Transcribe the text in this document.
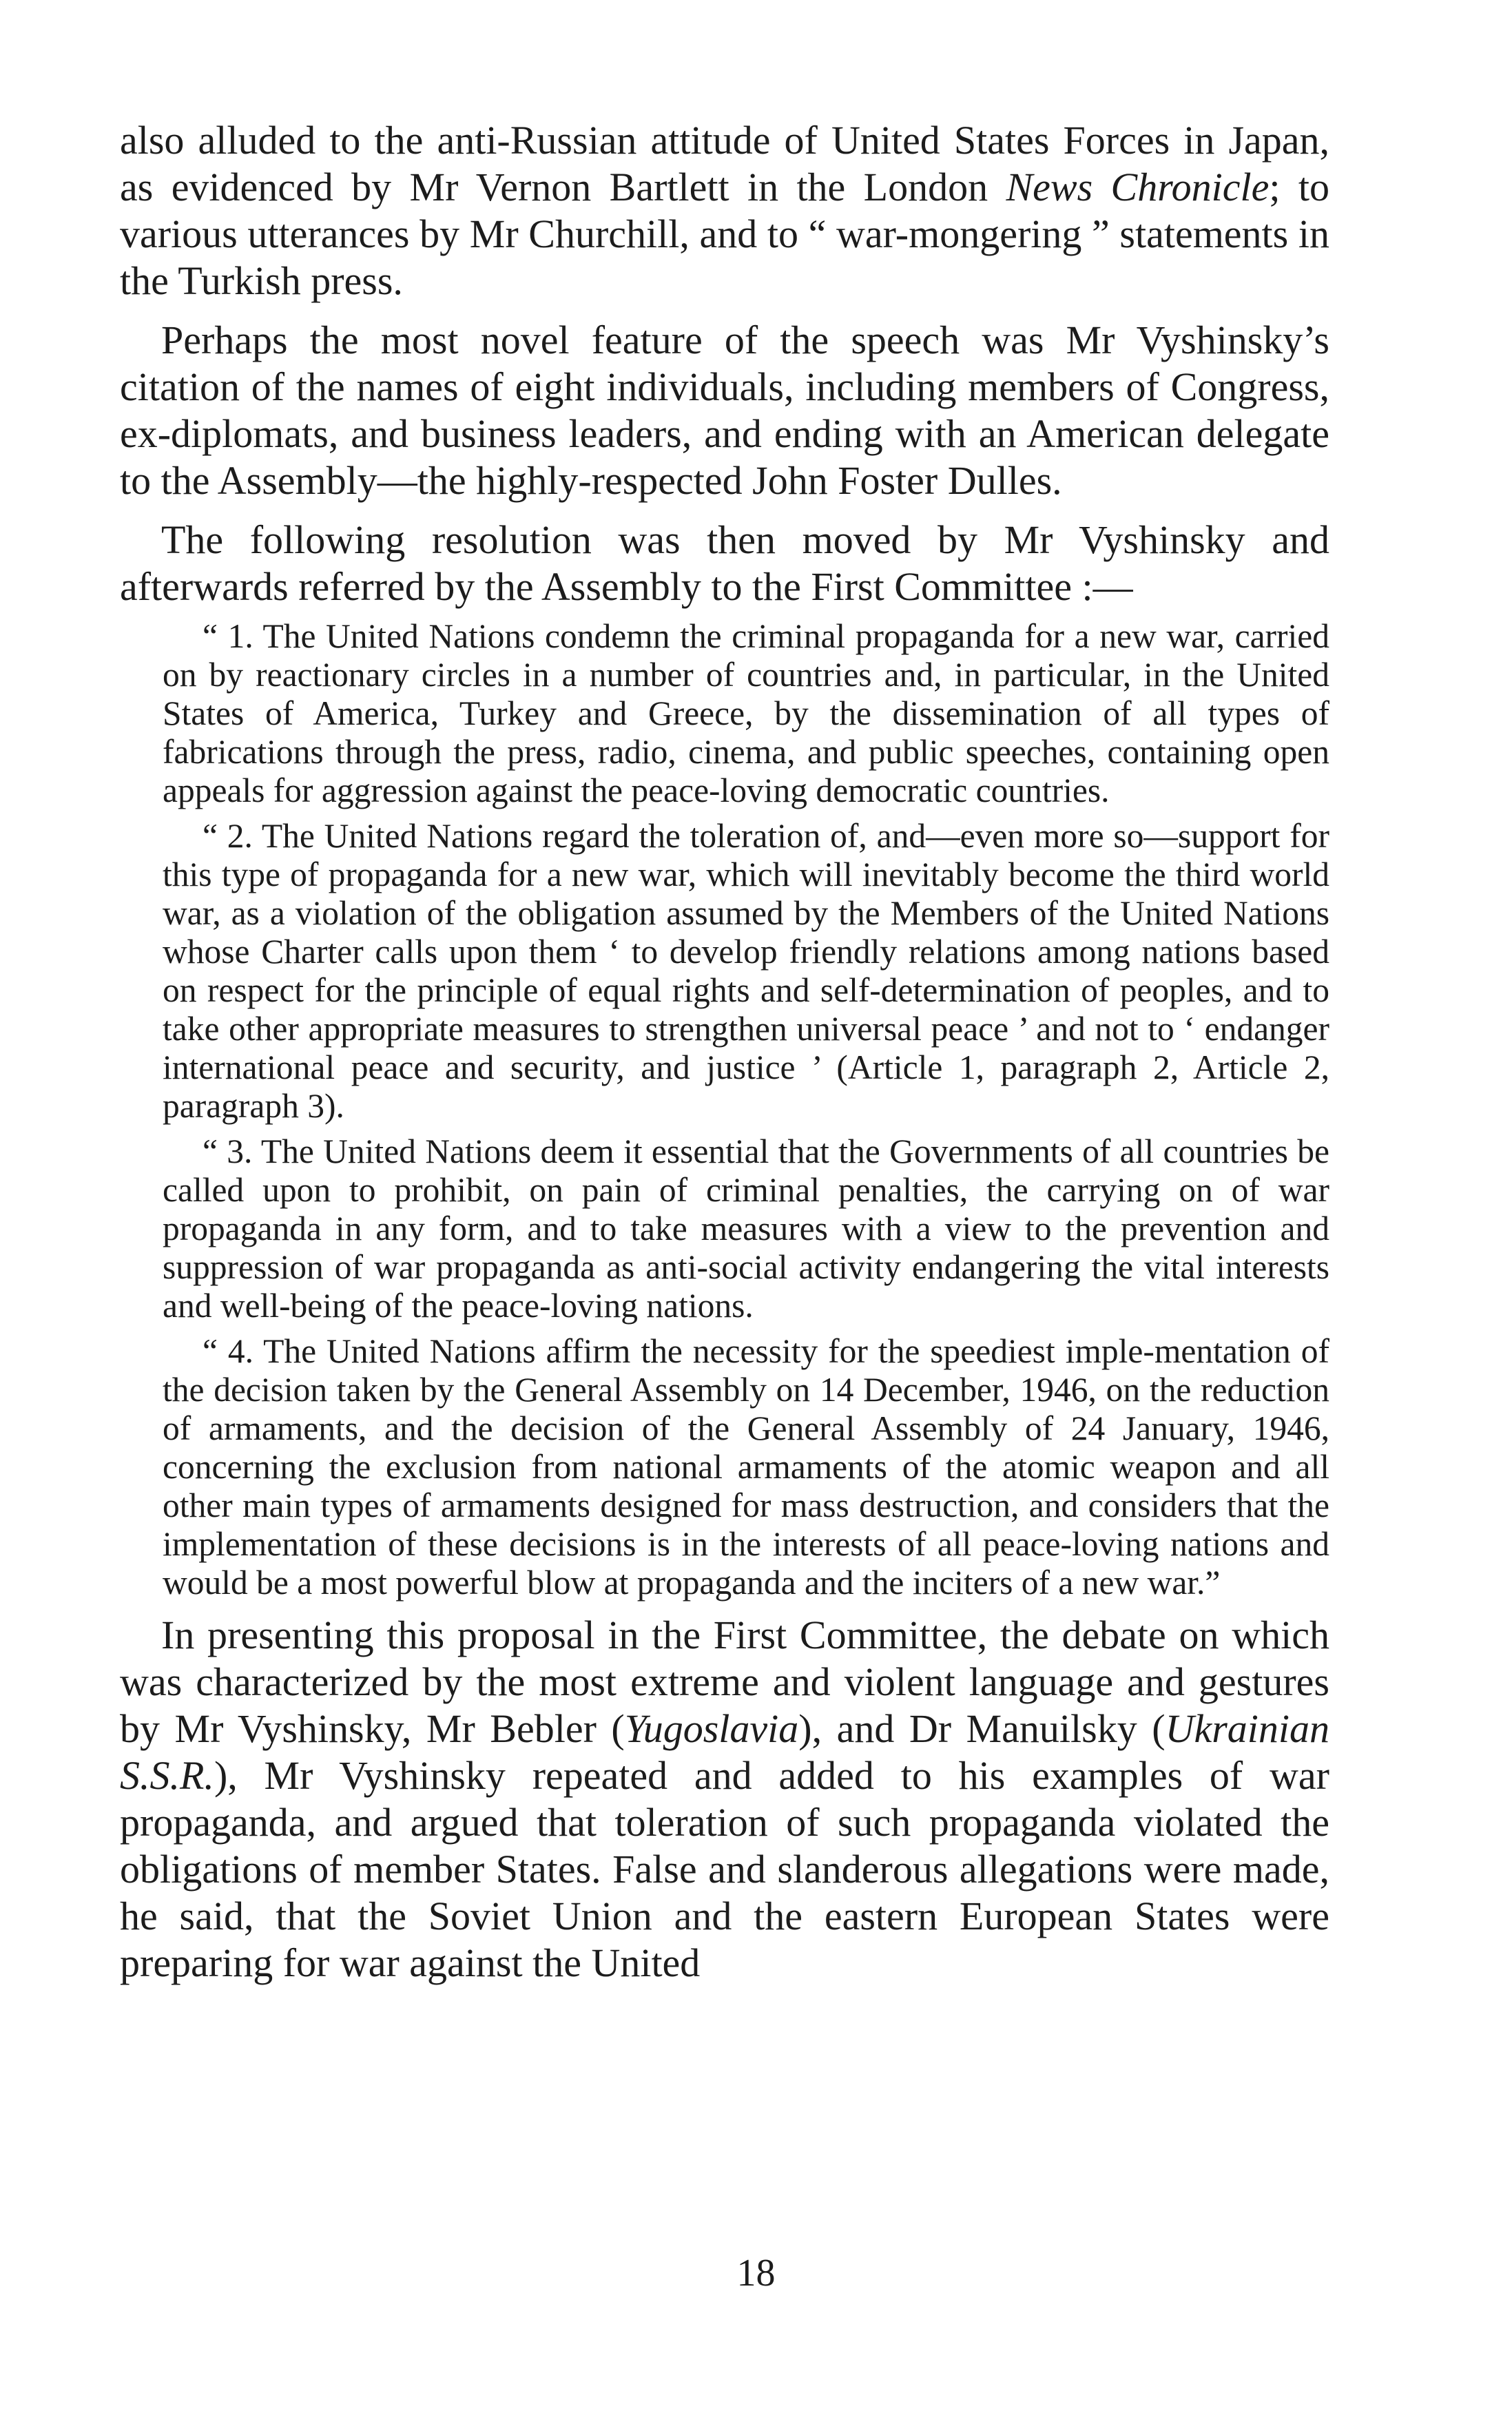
also alluded to the anti-Russian attitude of United States Forces in Japan, as evidenced by Mr Vernon Bartlett in the London News Chronicle; to various utterances by Mr Churchill, and to “ war-mongering ” statements in the Turkish press.

Perhaps the most novel feature of the speech was Mr Vyshinsky’s citation of the names of eight individuals, including members of Congress, ex-diplomats, and business leaders, and ending with an American delegate to the Assembly—the highly-respected John Foster Dulles.

The following resolution was then moved by Mr Vyshinsky and afterwards referred by the Assembly to the First Committee :—

“ 1. The United Nations condemn the criminal propaganda for a new war, carried on by reactionary circles in a number of countries and, in particular, in the United States of America, Turkey and Greece, by the dissemination of all types of fabrications through the press, radio, cinema, and public speeches, containing open appeals for aggression against the peace-loving democratic countries.

“ 2. The United Nations regard the toleration of, and—even more so—support for this type of propaganda for a new war, which will inevitably become the third world war, as a violation of the obligation assumed by the Members of the United Nations whose Charter calls upon them ‘ to develop friendly relations among nations based on respect for the principle of equal rights and self-determination of peoples, and to take other appropriate measures to strengthen universal peace ’ and not to ‘ endanger international peace and security, and justice ’ (Article 1, paragraph 2, Article 2, paragraph 3).

“ 3. The United Nations deem it essential that the Governments of all countries be called upon to prohibit, on pain of criminal penalties, the carrying on of war propaganda in any form, and to take measures with a view to the prevention and suppression of war propaganda as anti-social activity endangering the vital interests and well-being of the peace-loving nations.

“ 4. The United Nations affirm the necessity for the speediest imple-mentation of the decision taken by the General Assembly on 14 December, 1946, on the reduction of armaments, and the decision of the General Assembly of 24 January, 1946, concerning the exclusion from national armaments of the atomic weapon and all other main types of armaments designed for mass destruction, and considers that the implementation of these decisions is in the interests of all peace-loving nations and would be a most powerful blow at propaganda and the inciters of a new war.”

In presenting this proposal in the First Committee, the debate on which was characterized by the most extreme and violent language and gestures by Mr Vyshinsky, Mr Bebler (Yugoslavia), and Dr Manuilsky (Ukrainian S.S.R.), Mr Vyshinsky repeated and added to his examples of war propaganda, and argued that toleration of such propaganda violated the obligations of member States. False and slanderous allegations were made, he said, that the Soviet Union and the eastern European States were preparing for war against the United

18
